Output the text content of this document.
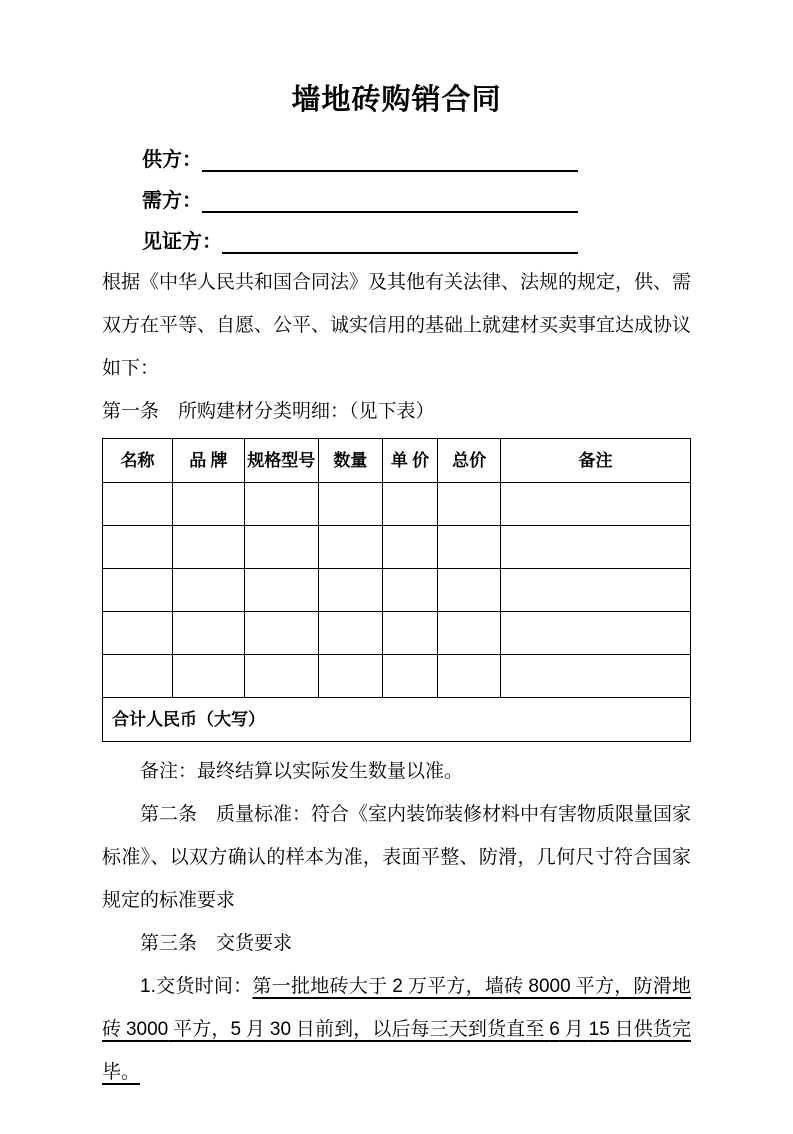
墙地砖购销合同
供方：
需方：
见证方：

根据《中华人民共和国合同法》及其他有关法律、法规的规定，供、需双方在平等、自愿、公平、诚实信用的基础上就建材买卖事宜达成协议如下：

第一条　所购建材分类明细：（见下表）

名称	品 牌	规格型号	数量	单 价	总价	备注

合计人民币（大写）						

备注：最终结算以实际发生数量以准。

第二条　质量标准：符合《室内装饰装修材料中有害物质限量国家标准》、以双方确认的样本为准，表面平整、防滑，几何尺寸符合国家规定的标准要求

第三条　交货要求

1.交货时间：第一批地砖大于 2 万平方，墙砖 8000 平方，防滑地砖 3000 平方，5 月 30 日前到，以后每三天到货直至 6 月 15 日供货完毕。
